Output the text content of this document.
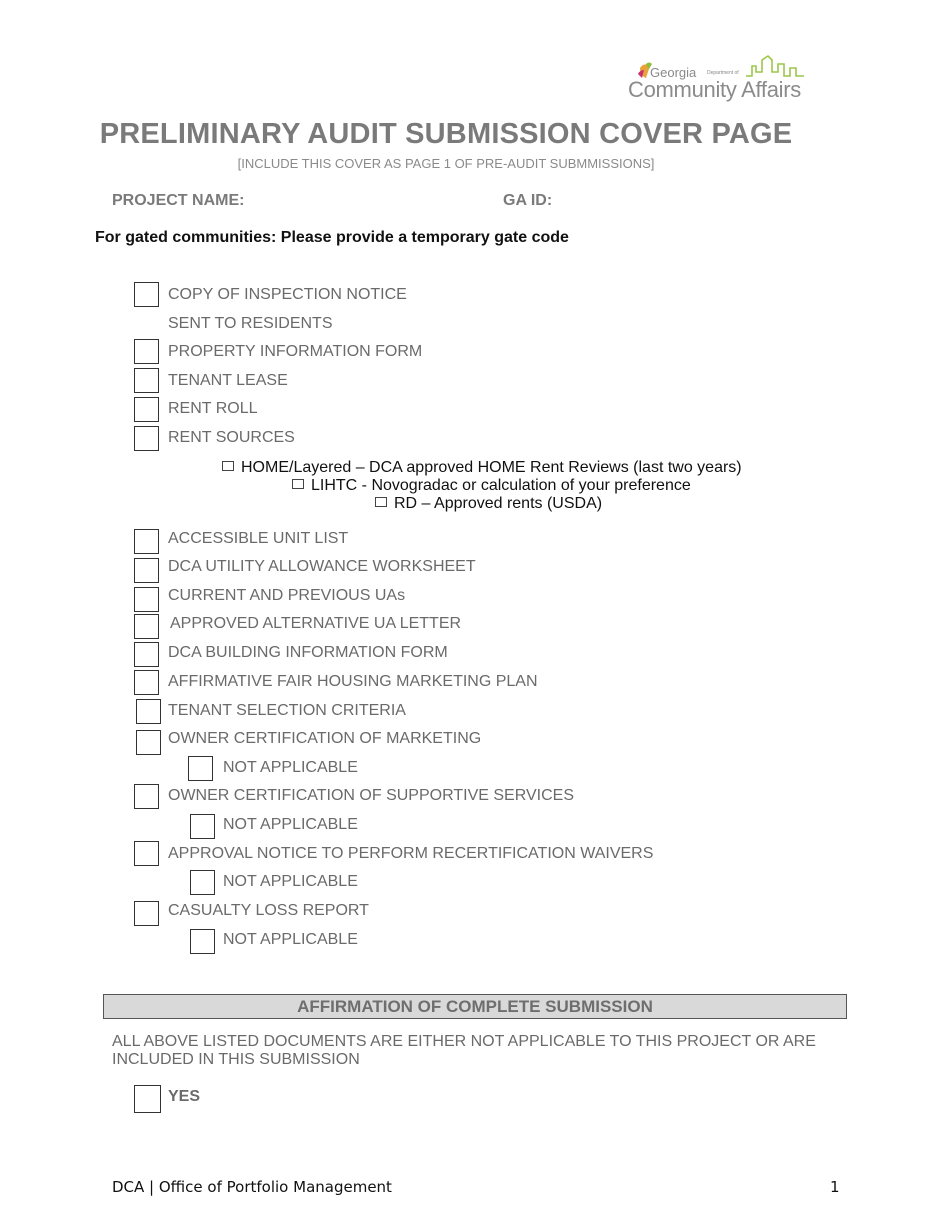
Georgia Department of
Community Affairs
PRELIMINARY AUDIT SUBMISSION COVER PAGE
[INCLUDE THIS COVER AS PAGE 1 OF PRE-AUDIT SUBMMISSIONS]
PROJECT NAME:	GA ID:
For gated communities: Please provide a temporary gate code
COPY OF INSPECTION NOTICE
SENT TO RESIDENTS
PROPERTY INFORMATION FORM
TENANT LEASE
RENT ROLL
RENT SOURCES
HOME/Layered – DCA approved HOME Rent Reviews (last two years)
LIHTC - Novogradac or calculation of your preference
RD – Approved rents (USDA)
ACCESSIBLE UNIT LIST
DCA UTILITY ALLOWANCE WORKSHEET
CURRENT AND PREVIOUS UAs
APPROVED ALTERNATIVE UA LETTER
DCA BUILDING INFORMATION FORM
AFFIRMATIVE FAIR HOUSING MARKETING PLAN
TENANT SELECTION CRITERIA
OWNER CERTIFICATION OF MARKETING
NOT APPLICABLE
OWNER CERTIFICATION OF SUPPORTIVE SERVICES
NOT APPLICABLE
APPROVAL NOTICE TO PERFORM RECERTIFICATION WAIVERS
NOT APPLICABLE
CASUALTY LOSS REPORT
NOT APPLICABLE
AFFIRMATION OF COMPLETE SUBMISSION
ALL ABOVE LISTED DOCUMENTS ARE EITHER NOT APPLICABLE TO THIS PROJECT OR ARE INCLUDED IN THIS SUBMISSION
YES
DCA | Office of Portfolio Management	1
